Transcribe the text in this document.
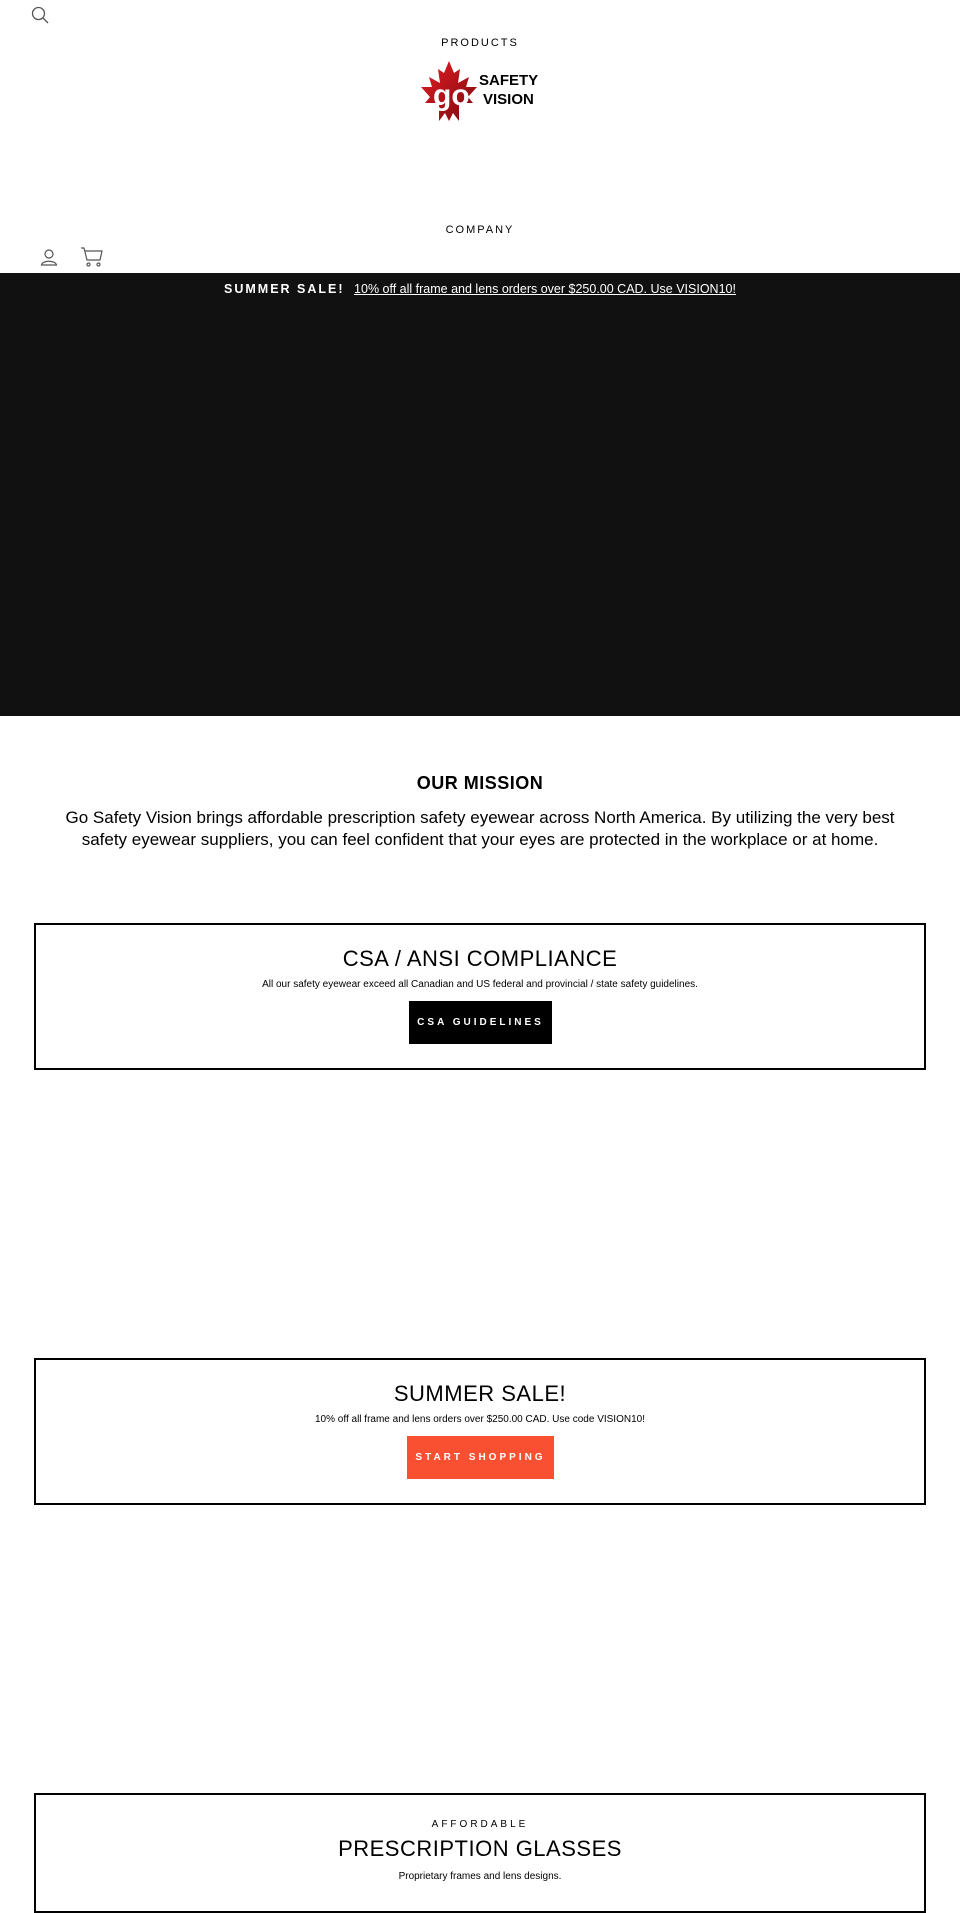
PRODUCTS
go SAFETY
VISION
COMPANY
SUMMER SALE! 10% off all frame and lens orders over $250.00 CAD. Use VISION10!
OUR MISSION
Go Safety Vision brings affordable prescription safety eyewear across North America. By utilizing the very best safety eyewear suppliers, you can feel confident that your eyes are protected in the workplace or at home.
CSA / ANSI COMPLIANCE
All our safety eyewear exceed all Canadian and US federal and provincial / state safety guidelines.
CSA GUIDELINES
SUMMER SALE!
10% off all frame and lens orders over $250.00 CAD. Use code VISION10!
START SHOPPING
AFFORDABLE
PRESCRIPTION GLASSES
Proprietary frames and lens designs.
